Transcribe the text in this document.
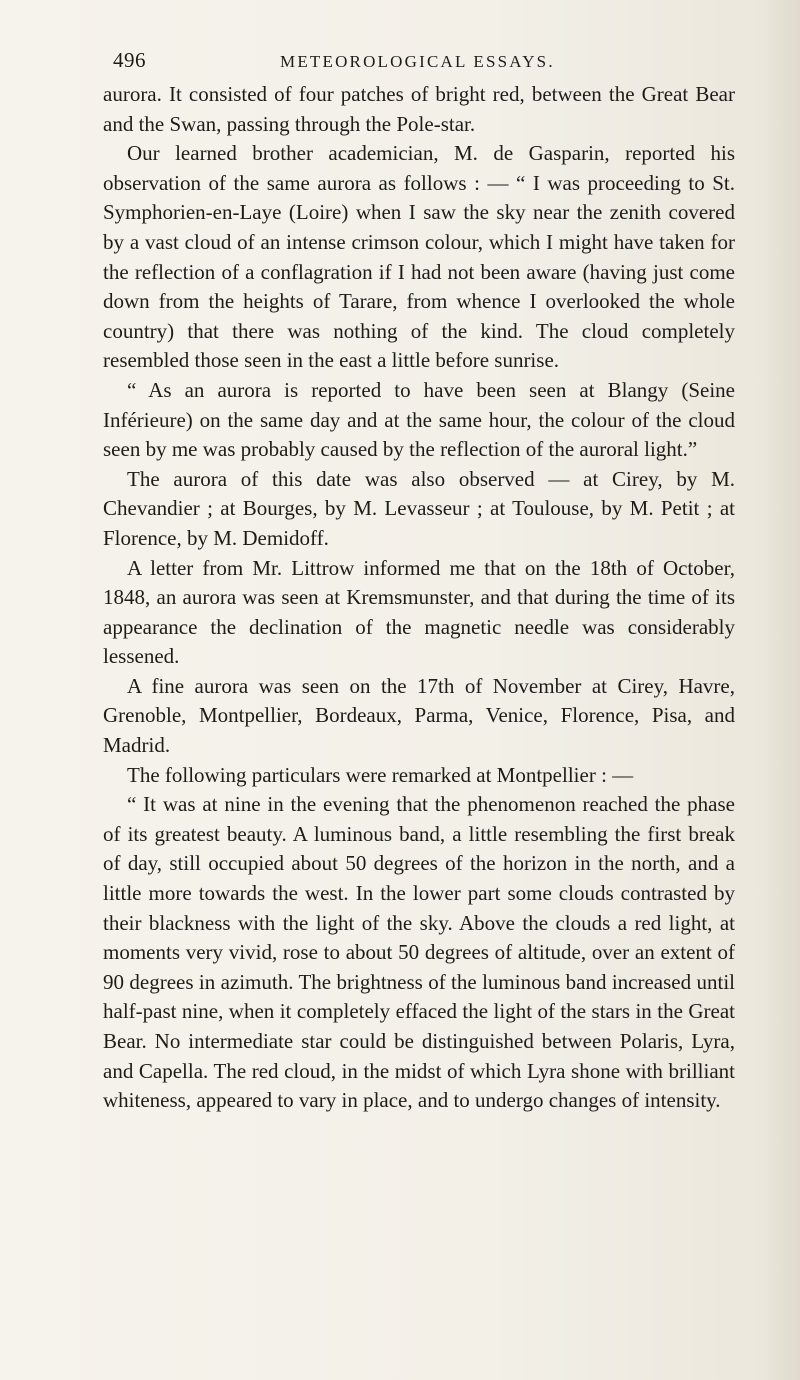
496	METEOROLOGICAL ESSAYS.

aurora. It consisted of four patches of bright red, between the Great Bear and the Swan, passing through the Pole-star.

Our learned brother academician, M. de Gasparin, reported his observation of the same aurora as follows : — “ I was proceeding to St. Symphorien-en-Laye (Loire) when I saw the sky near the zenith covered by a vast cloud of an intense crimson colour, which I might have taken for the reflection of a conflagration if I had not been aware (having just come down from the heights of Tarare, from whence I overlooked the whole country) that there was nothing of the kind. The cloud completely resembled those seen in the east a little before sunrise.

“ As an aurora is reported to have been seen at Blangy (Seine Inférieure) on the same day and at the same hour, the colour of the cloud seen by me was probably caused by the reflection of the auroral light.”

The aurora of this date was also observed — at Cirey, by M. Chevandier ; at Bourges, by M. Levasseur ; at Toulouse, by M. Petit ; at Florence, by M. Demidoff.

A letter from Mr. Littrow informed me that on the 18th of October, 1848, an aurora was seen at Kremsmunster, and that during the time of its appearance the declination of the magnetic needle was considerably lessened.

A fine aurora was seen on the 17th of November at Cirey, Havre, Grenoble, Montpellier, Bordeaux, Parma, Venice, Florence, Pisa, and Madrid.

The following particulars were remarked at Montpellier : —

“ It was at nine in the evening that the phenomenon reached the phase of its greatest beauty. A luminous band, a little resembling the first break of day, still occupied about 50 degrees of the horizon in the north, and a little more towards the west. In the lower part some clouds contrasted by their blackness with the light of the sky. Above the clouds a red light, at moments very vivid, rose to about 50 degrees of altitude, over an extent of 90 degrees in azimuth. The brightness of the luminous band increased until half-past nine, when it completely effaced the light of the stars in the Great Bear. No intermediate star could be distinguished between Polaris, Lyra, and Capella. The red cloud, in the midst of which Lyra shone with brilliant whiteness, appeared to vary in place, and to undergo changes of intensity.
